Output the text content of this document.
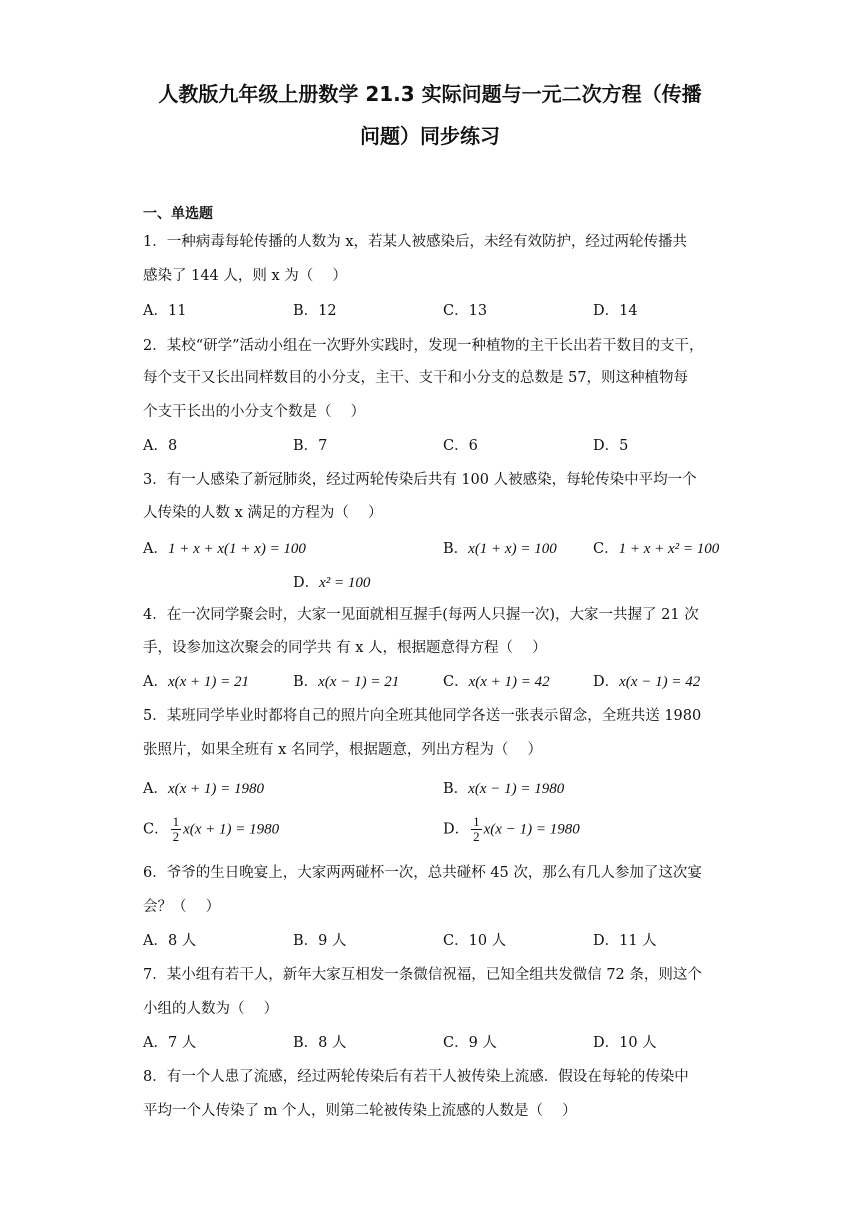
人教版九年级上册数学 21.3 实际问题与一元二次方程（传播
问题）同步练习
一、单选题
1．一种病毒每轮传播的人数为 x，若某人被感染后，未经有效防护，经过两轮传播共
感染了 144 人，则 x 为（　 ）
A．11	B．12	C．13	D．14
2．某校“研学”活动小组在一次野外实践时，发现一种植物的主干长出若干数目的支干，
每个支干又长出同样数目的小分支，主干、支干和小分支的总数是 57，则这种植物每
个支干长出的小分支个数是（　 ）
A．8	B．7	C．6	D．5
3．有一人感染了新冠肺炎，经过两轮传染后共有 100 人被感染，每轮传染中平均一个
人传染的人数 x 满足的方程为（　 ）
A．1 + x + x(1 + x) = 100	B．x(1 + x) = 100	C．1 + x + x² = 100
D．x² = 100
4．在一次同学聚会时，大家一见面就相互握手(每两人只握一次)，大家一共握了 21 次
手，设参加这次聚会的同学共 有 x 人，根据题意得方程（　 ）
A．x(x + 1) = 21	B．x(x − 1) = 21	C．x(x + 1) = 42	D．x(x − 1) = 42
5．某班同学毕业时都将自己的照片向全班其他同学各送一张表示留念，全班共送 1980
张照片，如果全班有 x 名同学，根据题意，列出方程为（　 ）
A．x(x + 1) = 1980	B．x(x − 1) = 1980
C． $\frac{1}{2} x(x + 1) = 1980$	D． $\frac{1}{2} x(x - 1) = 1980$
6．爷爷的生日晚宴上，大家两两碰杯一次，总共碰杯 45 次，那么有几人参加了这次宴
会？（　 ）
A．8 人	B．9 人	C．10 人	D．11 人
7．某小组有若干人，新年大家互相发一条微信祝福，已知全组共发微信 72 条，则这个
小组的人数为（　 ）
A．7 人	B．8 人	C．9 人	D．10 人
8．有一个人患了流感，经过两轮传染后有若干人被传染上流感．假设在每轮的传染中
平均一个人传染了 m 个人，则第二轮被传染上流感的人数是（　 ）
